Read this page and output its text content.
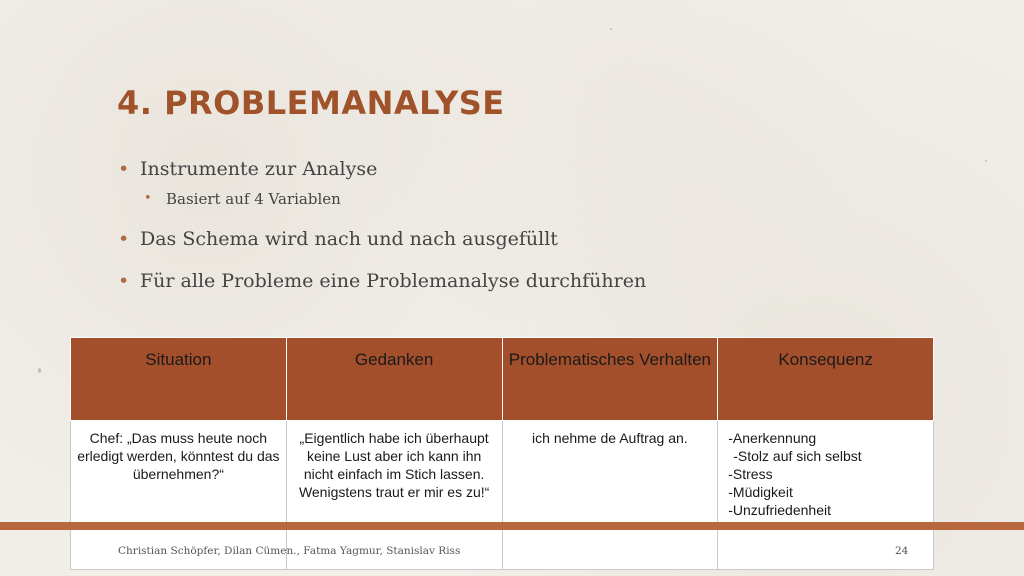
4. PROBLEMANALYSE
• Instrumente zur Analyse
• Basiert auf 4 Variablen
• Das Schema wird nach und nach ausgefüllt
• Für alle Probleme eine Problemanalyse durchführen
Situation	Gedanken	Problematisches Verhalten	Konsequenz
Chef: „Das muss heute noch erledigt werden, könntest du das übernehmen?“	„Eigentlich habe ich überhaupt keine Lust aber ich kann ihn nicht einfach im Stich lassen. Wenigstens traut er mir es zu!“	ich nehme de Auftrag an.	-Anerkennung
-Stolz auf sich selbst
-Stress
-Müdigkeit
-Unzufriedenheit
Christian Schöpfer, Dilan Cümen., Fatma Yagmur, Stanislav Riss	24
